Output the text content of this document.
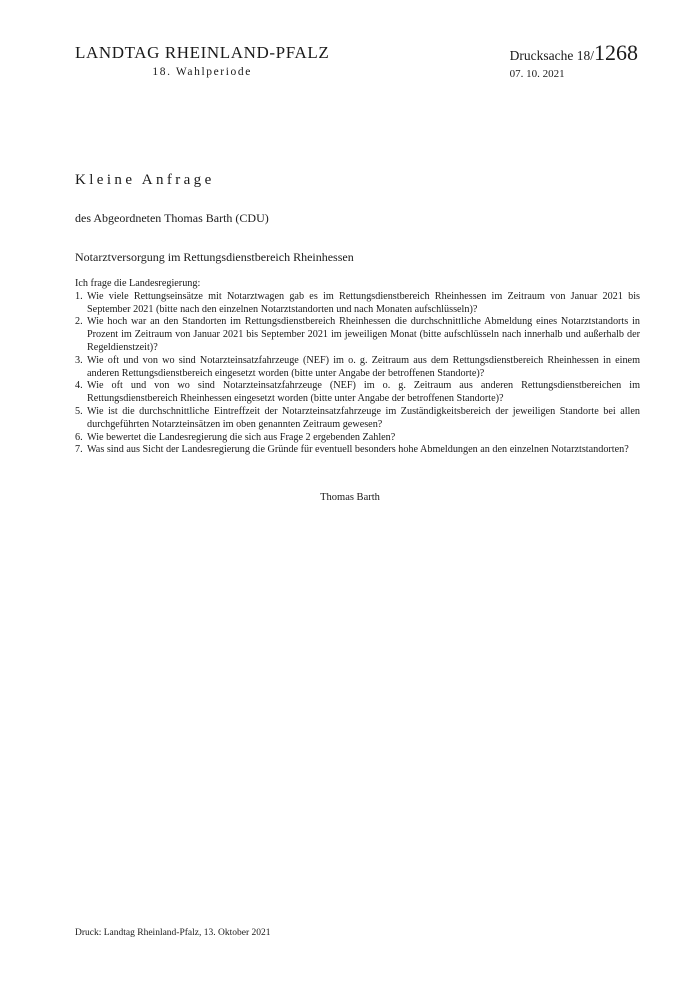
LANDTAG RHEINLAND-PFALZ
18. Wahlperiode
Drucksache 18/1268
07. 10. 2021
Kleine Anfrage
des Abgeordneten Thomas Barth (CDU)
Notarztversorgung im Rettungsdienstbereich Rheinhessen

Ich frage die Landesregierung:

1. Wie viele Rettungseinsätze mit Notarztwagen gab es im Rettungsdienstbereich Rheinhessen im Zeitraum von Januar 2021 bis September 2021 (bitte nach den einzelnen Notarztstandorten und nach Monaten aufschlüsseln)?
2. Wie hoch war an den Standorten im Rettungsdienstbereich Rheinhessen die durchschnittliche Abmeldung eines Notarztstandorts in Prozent im Zeitraum von Januar 2021 bis September 2021 im jeweiligen Monat (bitte aufschlüsseln nach innerhalb und außerhalb der Regeldienstzeit)?
3. Wie oft und von wo sind Notarzteinsatzfahrzeuge (NEF) im o. g. Zeitraum aus dem Rettungsdienstbereich Rheinhessen in einem anderen Rettungsdienstbereich eingesetzt worden (bitte unter Angabe der betroffenen Standorte)?
4. Wie oft und von wo sind Notarzteinsatzfahrzeuge (NEF) im o. g. Zeitraum aus anderen Rettungsdienstbereichen im Rettungsdienstbereich Rheinhessen eingesetzt worden (bitte unter Angabe der betroffenen Standorte)?
5. Wie ist die durchschnittliche Eintreffzeit der Notarzteinsatzfahrzeuge im Zuständigkeitsbereich der jeweiligen Standorte bei allen durchgeführten Notarzteinsätzen im oben genannten Zeitraum gewesen?
6. Wie bewertet die Landesregierung die sich aus Frage 2 ergebenden Zahlen?
7. Was sind aus Sicht der Landesregierung die Gründe für eventuell besonders hohe Abmeldungen an den einzelnen Notarztstandorten?
Thomas Barth
Druck: Landtag Rheinland-Pfalz, 13. Oktober 2021
